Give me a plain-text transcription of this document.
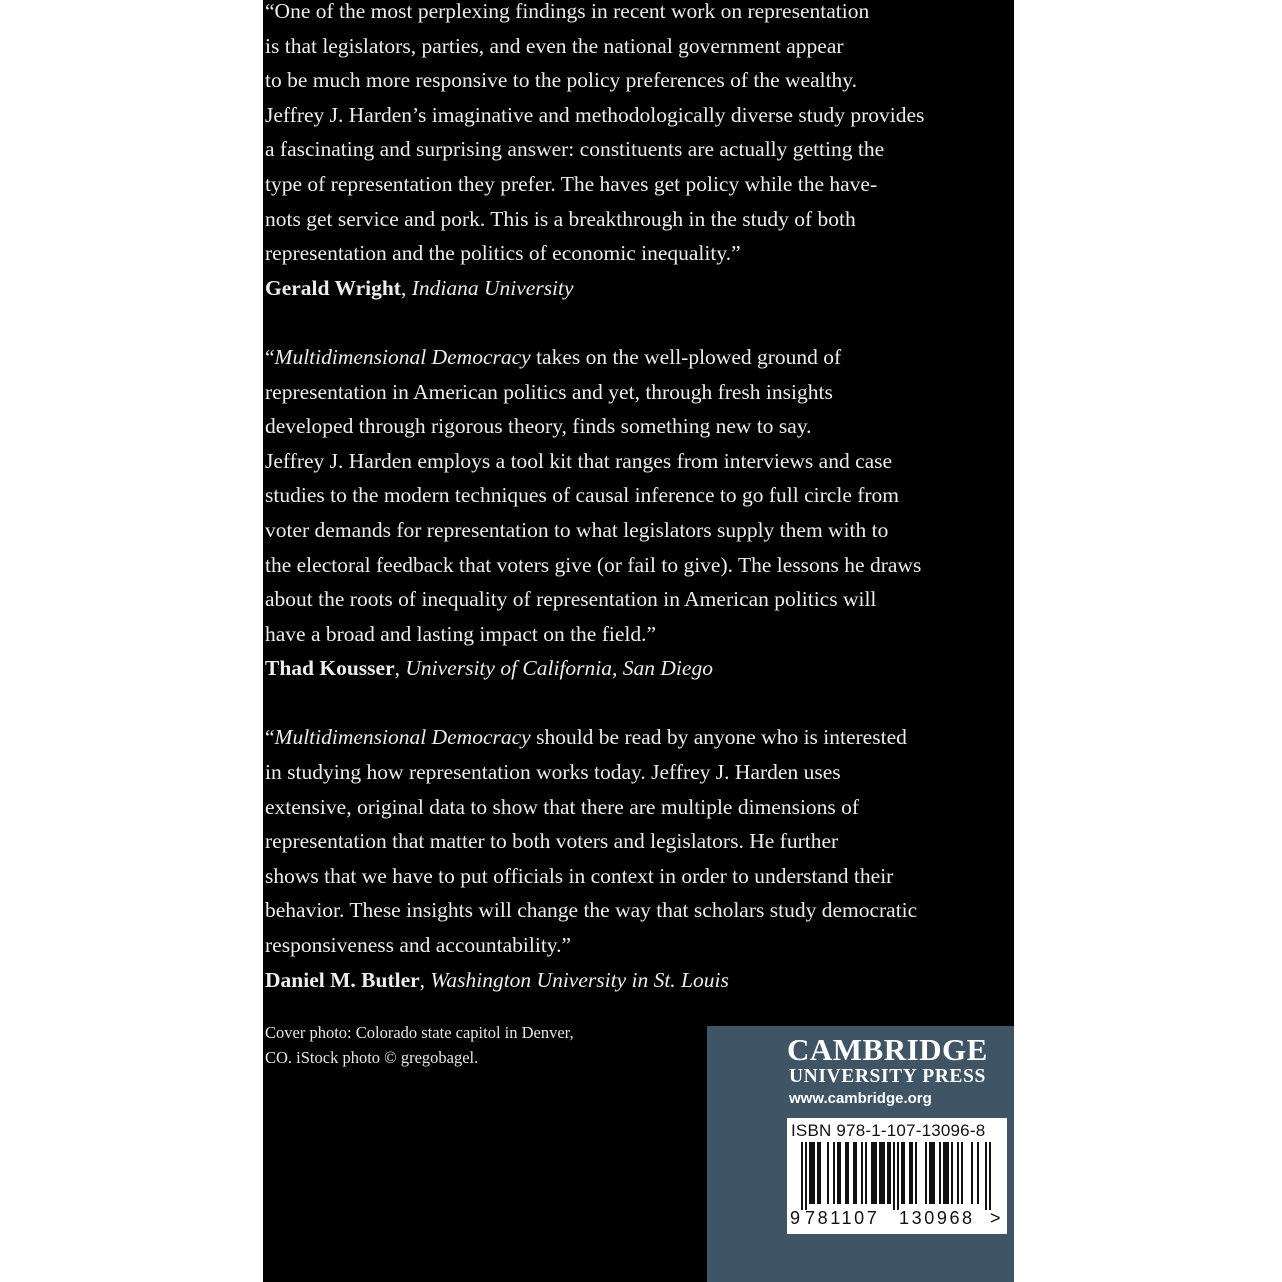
“One of the most perplexing findings in recent work on representation

is that legislators, parties, and even the national government appear

to be much more responsive to the policy preferences of the wealthy.

Jeffrey J. Harden’s imaginative and methodologically diverse study provides

a fascinating and surprising answer: constituents are actually getting the

type of representation they prefer. The haves get policy while the have-

nots get service and pork. This is a breakthrough in the study of both

representation and the politics of economic inequality.”

Gerald Wright, Indiana University

“Multidimensional Democracy takes on the well-plowed ground of

representation in American politics and yet, through fresh insights

developed through rigorous theory, finds something new to say.

Jeffrey J. Harden employs a tool kit that ranges from interviews and case

studies to the modern techniques of causal inference to go full circle from

voter demands for representation to what legislators supply them with to

the electoral feedback that voters give (or fail to give). The lessons he draws

about the roots of inequality of representation in American politics will

have a broad and lasting impact on the field.”

Thad Kousser, University of California, San Diego

“Multidimensional Democracy should be read by anyone who is interested

in studying how representation works today. Jeffrey J. Harden uses

extensive, original data to show that there are multiple dimensions of

representation that matter to both voters and legislators. He further

shows that we have to put officials in context in order to understand their

behavior. These insights will change the way that scholars study democratic

responsiveness and accountability.”

Daniel M. Butler, Washington University in St. Louis

Cover photo: Colorado state capitol in Denver,

CO. iStock photo © gregobagel.	CAMBRIDGE
UNIVERSITY PRESS
www.cambridge.org
ISBN 978-1-107-13096-8
9 781107 130968 >
